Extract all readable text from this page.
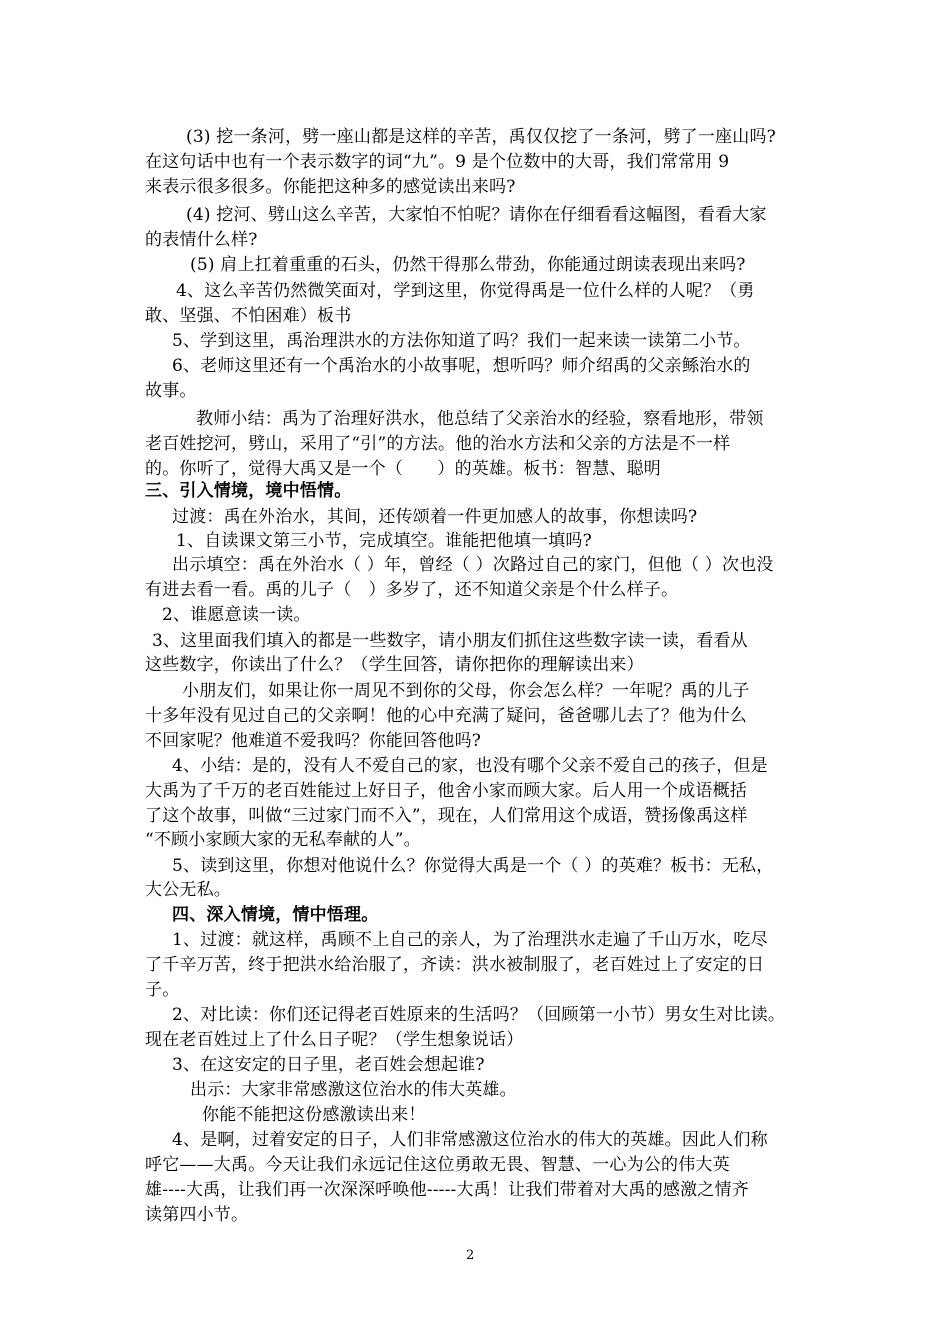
(3) 挖一条河，劈一座山都是这样的辛苦，禹仅仅挖了一条河，劈了一座山吗?
在这句话中也有一个表示数字的词“九”。9 是个位数中的大哥，我们常常用 9
来表示很多很多。你能把这种多的感觉读出来吗?
(4) 挖河、劈山这么辛苦，大家怕不怕呢？请你在仔细看看这幅图，看看大家
的表情什么样?
(5) 肩上扛着重重的石头，仍然干得那么带劲，你能通过朗读表现出来吗?
4、这么辛苦仍然微笑面对，学到这里，你觉得禹是一位什么样的人呢？（勇
敢、坚强、不怕困难）板书
5、学到这里，禹治理洪水的方法你知道了吗？我们一起来读一读第二小节。
6、老师这里还有一个禹治水的小故事呢，想听吗？师介绍禹的父亲鲧治水的
故事。
教师小结：禹为了治理好洪水，他总结了父亲治水的经验，察看地形，带领
老百姓挖河，劈山，采用了“引”的方法。他的治水方法和父亲的方法是不一样
的。你听了，觉得大禹又是一个（　　）的英雄。板书：智慧、聪明
三、引入情境，境中悟情。
过渡：禹在外治水，其间，还传颂着一件更加感人的故事，你想读吗?
1、自读课文第三小节，完成填空。谁能把他填一填吗?
出示填空：禹在外治水（ ）年，曾经（ ）次路过自己的家门，但他（ ）次也没
有进去看一看。禹的儿子（　）多岁了，还不知道父亲是个什么样子。
2、谁愿意读一读。
3、这里面我们填入的都是一些数字，请小朋友们抓住这些数字读一读，看看从
这些数字，你读出了什么？（学生回答，请你把你的理解读出来）
小朋友们，如果让你一周见不到你的父母，你会怎么样？一年呢？禹的儿子
十多年没有见过自己的父亲啊！他的心中充满了疑问，爸爸哪儿去了？他为什么
不回家呢？他难道不爱我吗？你能回答他吗?
4、小结：是的，没有人不爱自己的家，也没有哪个父亲不爱自己的孩子，但是
大禹为了千万的老百姓能过上好日子，他舍小家而顾大家。后人用一个成语概括
了这个故事，叫做“三过家门而不入”，现在，人们常用这个成语，赞扬像禹这样
“不顾小家顾大家的无私奉献的人”。
5、读到这里，你想对他说什么？你觉得大禹是一个（ ）的英难？板书：无私，
大公无私。
四、深入情境，情中悟理。
1、过渡：就这样，禹顾不上自己的亲人，为了治理洪水走遍了千山万水，吃尽
了千辛万苦，终于把洪水给治服了，齐读：洪水被制服了，老百姓过上了安定的日
子。
2、对比读：你们还记得老百姓原来的生活吗？（回顾第一小节）男女生对比读。
现在老百姓过上了什么日子呢？（学生想象说话）
3、在这安定的日子里，老百姓会想起谁?
出示：大家非常感激这位治水的伟大英雄。
你能不能把这份感激读出来！
4、是啊，过着安定的日子，人们非常感激这位治水的伟大的英雄。因此人们称
呼它——大禹。今天让我们永远记住这位勇敢无畏、智慧、一心为公的伟大英
雄----大禹，让我们再一次深深呼唤他-----大禹！让我们带着对大禹的感激之情齐
读第四小节。
2
